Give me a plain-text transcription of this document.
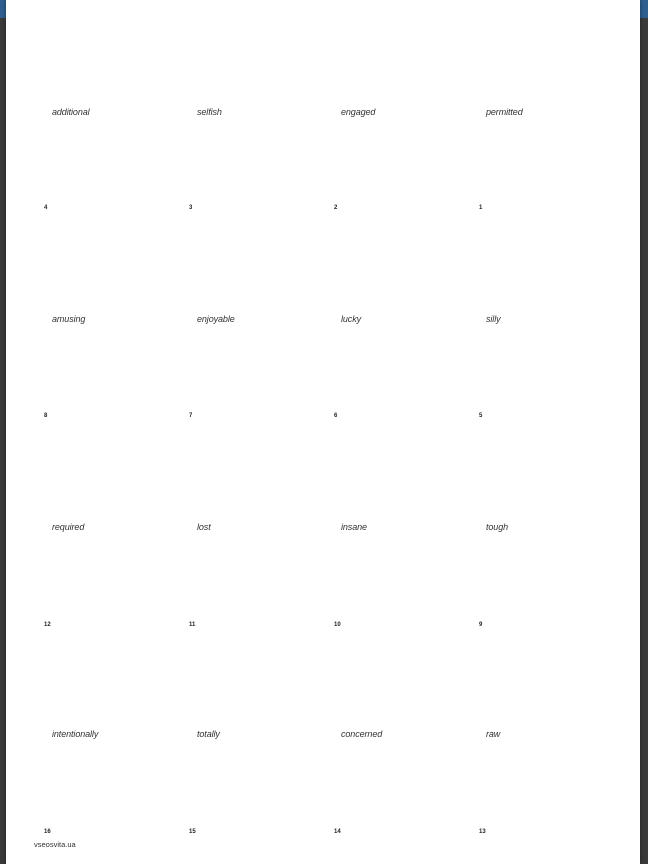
additional	selfish	engaged	permitted
4	3	2	1
amusing	enjoyable	lucky	silly
8	7	6	5
required	lost	insane	tough
12	11	10	9
intentionally	totally	concerned	raw
16	15	14	13
vseosvita.ua
